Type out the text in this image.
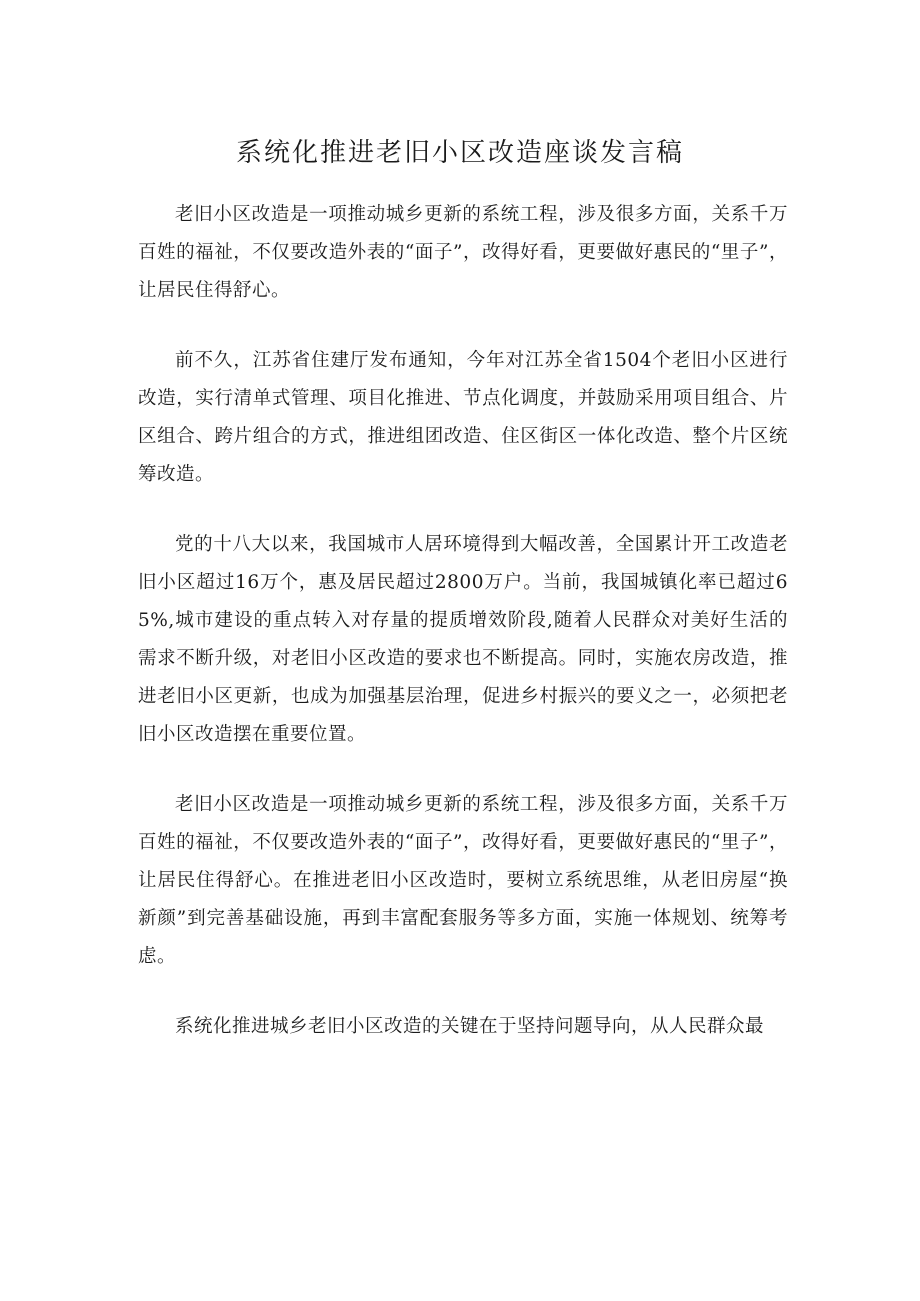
系统化推进老旧小区改造座谈发言稿

老旧小区改造是一项推动城乡更新的系统工程，涉及很多方面，关系千万百姓的福祉，不仅要改造外表的“面子”，改得好看，更要做好惠民的“里子”，让居民住得舒心。

前不久，江苏省住建厅发布通知，今年对江苏全省1504个老旧小区进行改造，实行清单式管理、项目化推进、节点化调度，并鼓励采用项目组合、片区组合、跨片组合的方式，推进组团改造、住区街区一体化改造、整个片区统筹改造。

党的十八大以来，我国城市人居环境得到大幅改善，全国累计开工改造老旧小区超过16万个，惠及居民超过2800万户。当前，我国城镇化率已超过65%,城市建设的重点转入对存量的提质增效阶段,随着人民群众对美好生活的需求不断升级，对老旧小区改造的要求也不断提高。同时，实施农房改造，推进老旧小区更新，也成为加强基层治理，促进乡村振兴的要义之一，必须把老旧小区改造摆在重要位置。

老旧小区改造是一项推动城乡更新的系统工程，涉及很多方面，关系千万百姓的福祉，不仅要改造外表的“面子”，改得好看，更要做好惠民的“里子”，让居民住得舒心。在推进老旧小区改造时，要树立系统思维，从老旧房屋“换新颜”到完善基础设施，再到丰富配套服务等多方面，实施一体规划、统筹考虑。

系统化推进城乡老旧小区改造的关键在于坚持问题导向，从人民群众最
